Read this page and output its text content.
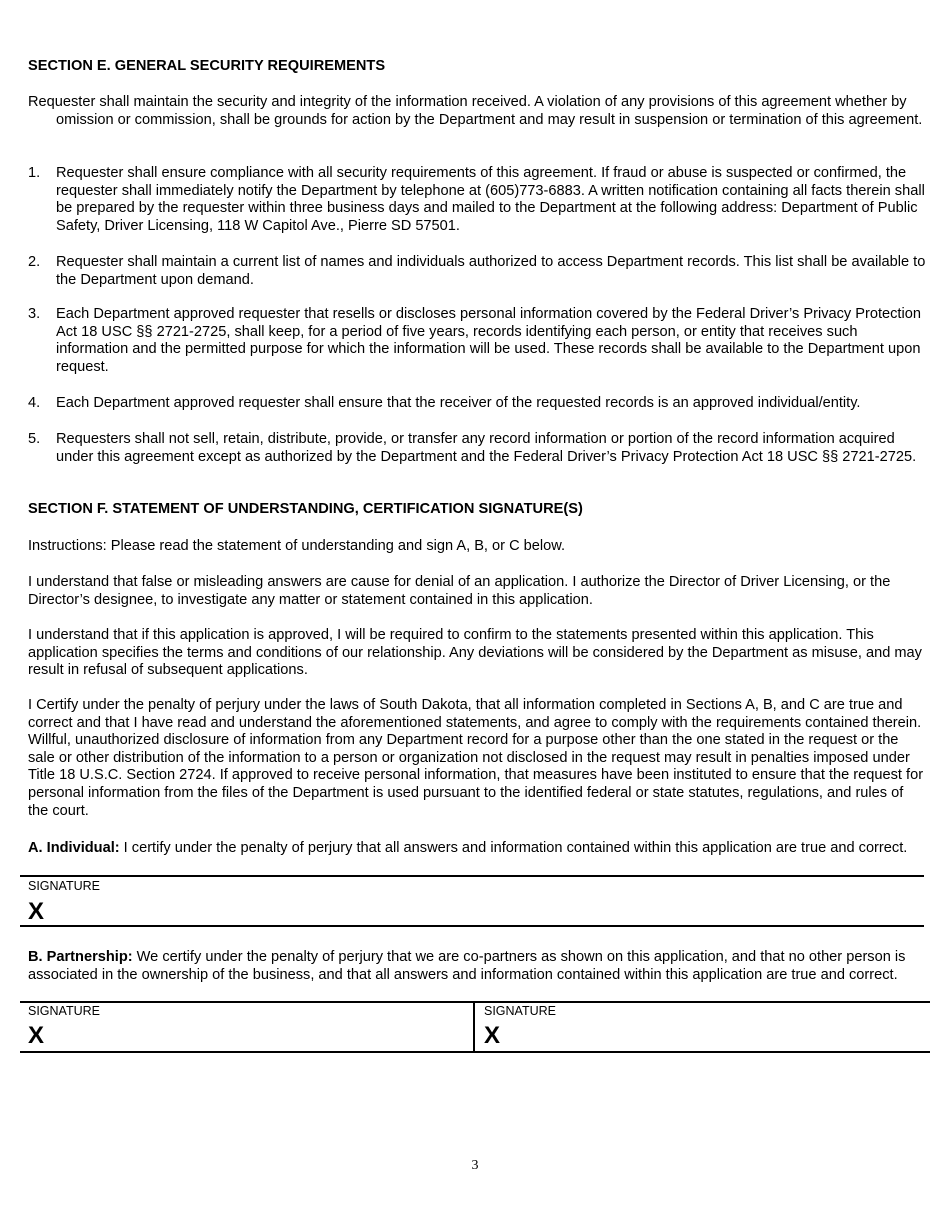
SECTION E. GENERAL SECURITY REQUIREMENTS
Requester shall maintain the security and integrity of the information received. A violation of any provisions of this agreement whether by omission or commission, shall be grounds for action by the Department and may result in suspension or termination of this agreement.
1.	Requester shall ensure compliance with all security requirements of this agreement. If fraud or abuse is suspected or confirmed, the requester shall immediately notify the Department by telephone at (605)773-6883. A written notification containing all facts therein shall be prepared by the requester within three business days and mailed to the Department at the following address: Department of Public Safety, Driver Licensing, 118 W Capitol Ave., Pierre SD 57501.
2.	Requester shall maintain a current list of names and individuals authorized to access Department records. This list shall be available to the Department upon demand.
3.	Each Department approved requester that resells or discloses personal information covered by the Federal Driver’s Privacy Protection Act 18 USC §§ 2721-2725, shall keep, for a period of five years, records identifying each person, or entity that receives such information and the permitted purpose for which the information will be used. These records shall be available to the Department upon request.
4.	Each Department approved requester shall ensure that the receiver of the requested records is an approved individual/entity.
5.	Requesters shall not sell, retain, distribute, provide, or transfer any record information or portion of the record information acquired under this agreement except as authorized by the Department and the Federal Driver’s Privacy Protection Act 18 USC §§ 2721-2725.
SECTION F. STATEMENT OF UNDERSTANDING, CERTIFICATION SIGNATURE(S)
Instructions: Please read the statement of understanding and sign A, B, or C below.
I understand that false or misleading answers are cause for denial of an application. I authorize the Director of Driver Licensing, or the Director’s designee, to investigate any matter or statement contained in this application.
I understand that if this application is approved, I will be required to confirm to the statements presented within this application. This application specifies the terms and conditions of our relationship. Any deviations will be considered by the Department as misuse, and may result in refusal of subsequent applications.
I Certify under the penalty of perjury under the laws of South Dakota, that all information completed in Sections A, B, and C are true and correct and that I have read and understand the aforementioned statements, and agree to comply with the requirements contained therein. Willful, unauthorized disclosure of information from any Department record for a purpose other than the one stated in the request or the sale or other distribution of the information to a person or organization not disclosed in the request may result in penalties imposed under Title 18 U.S.C. Section 2724. If approved to receive personal information, that measures have been instituted to ensure that the request for personal information from the files of the Department is used pursuant to the identified federal or state statutes, regulations, and rules of the court.
A. Individual: I certify under the penalty of perjury that all answers and information contained within this application are true and correct.
SIGNATURE
X
B. Partnership: We certify under the penalty of perjury that we are co-partners as shown on this application, and that no other person is associated in the ownership of the business, and that all answers and information contained within this application are true and correct.
SIGNATURE
X
SIGNATURE
X
3
